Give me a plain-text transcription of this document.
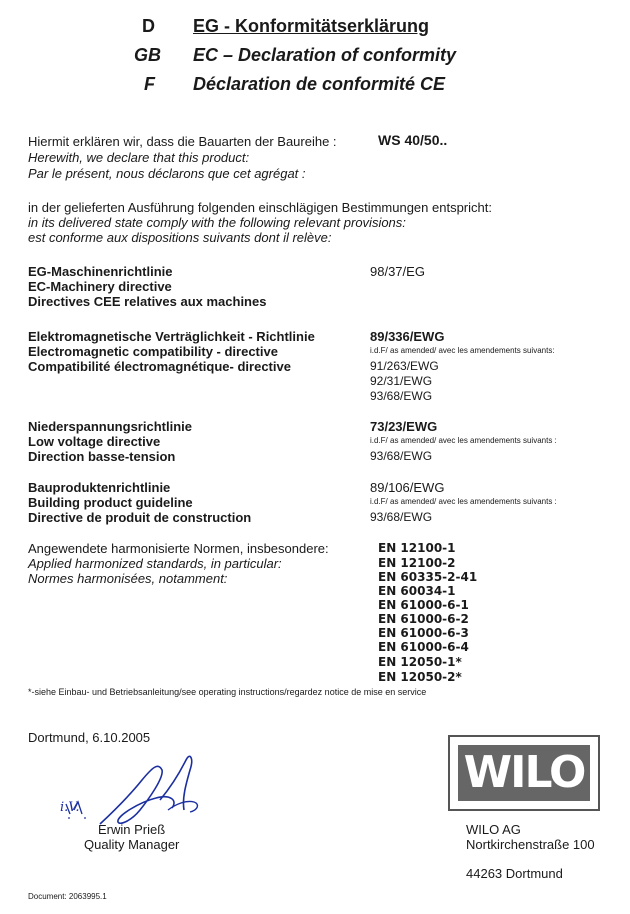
D EG - Konformitätserklärung
GB EC – Declaration of conformity
F Déclaration de conformité CE
Hiermit erklären wir, dass die Bauarten der Baureihe :	WS 40/50..
Herewith, we declare that this product:
Par le présent, nous déclarons que cet agrégat :
in der gelieferten Ausführung folgenden einschlägigen Bestimmungen entspricht:
in its delivered state comply with the following relevant provisions:
est conforme aux dispositions suivants dont il relève:
EG-Maschinenrichtlinie
EC-Machinery directive
Directives CEE relatives aux machines
98/37/EG
Elektromagnetische Verträglichkeit - Richtlinie
Electromagnetic compatibility - directive
Compatibilité électromagnétique- directive
89/336/EWG
i.d.F/ as amended/ avec les amendements suivants:
91/263/EWG
92/31/EWG
93/68/EWG
Niederspannungsrichtlinie
Low voltage directive
Direction basse-tension
73/23/EWG
i.d.F/ as amended/ avec les amendements suivants :
93/68/EWG
Bauproduktenrichtlinie
Building product guideline
Directive de produit de construction
89/106/EWG
i.d.F/ as amended/ avec les amendements suivants :
93/68/EWG
Angewendete harmonisierte Normen, insbesondere:
Applied harmonized standards, in particular:
Normes harmonisées, notamment:
EN 12100-1
EN 12100-2
EN 60335-2-41
EN 60034-1
EN 61000-6-1
EN 61000-6-2
EN 61000-6-3
EN 61000-6-4
EN 12050-1*
EN 12050-2*
*-siehe Einbau- und Betriebsanleitung/see operating instructions/regardez notice de mise en service
Dortmund, 6.10.2005
i.V.
Erwin Prieß
Quality Manager
WILO
WILO AG
Nortkirchenstraße 100
44263 Dortmund
Document: 2063995.1
